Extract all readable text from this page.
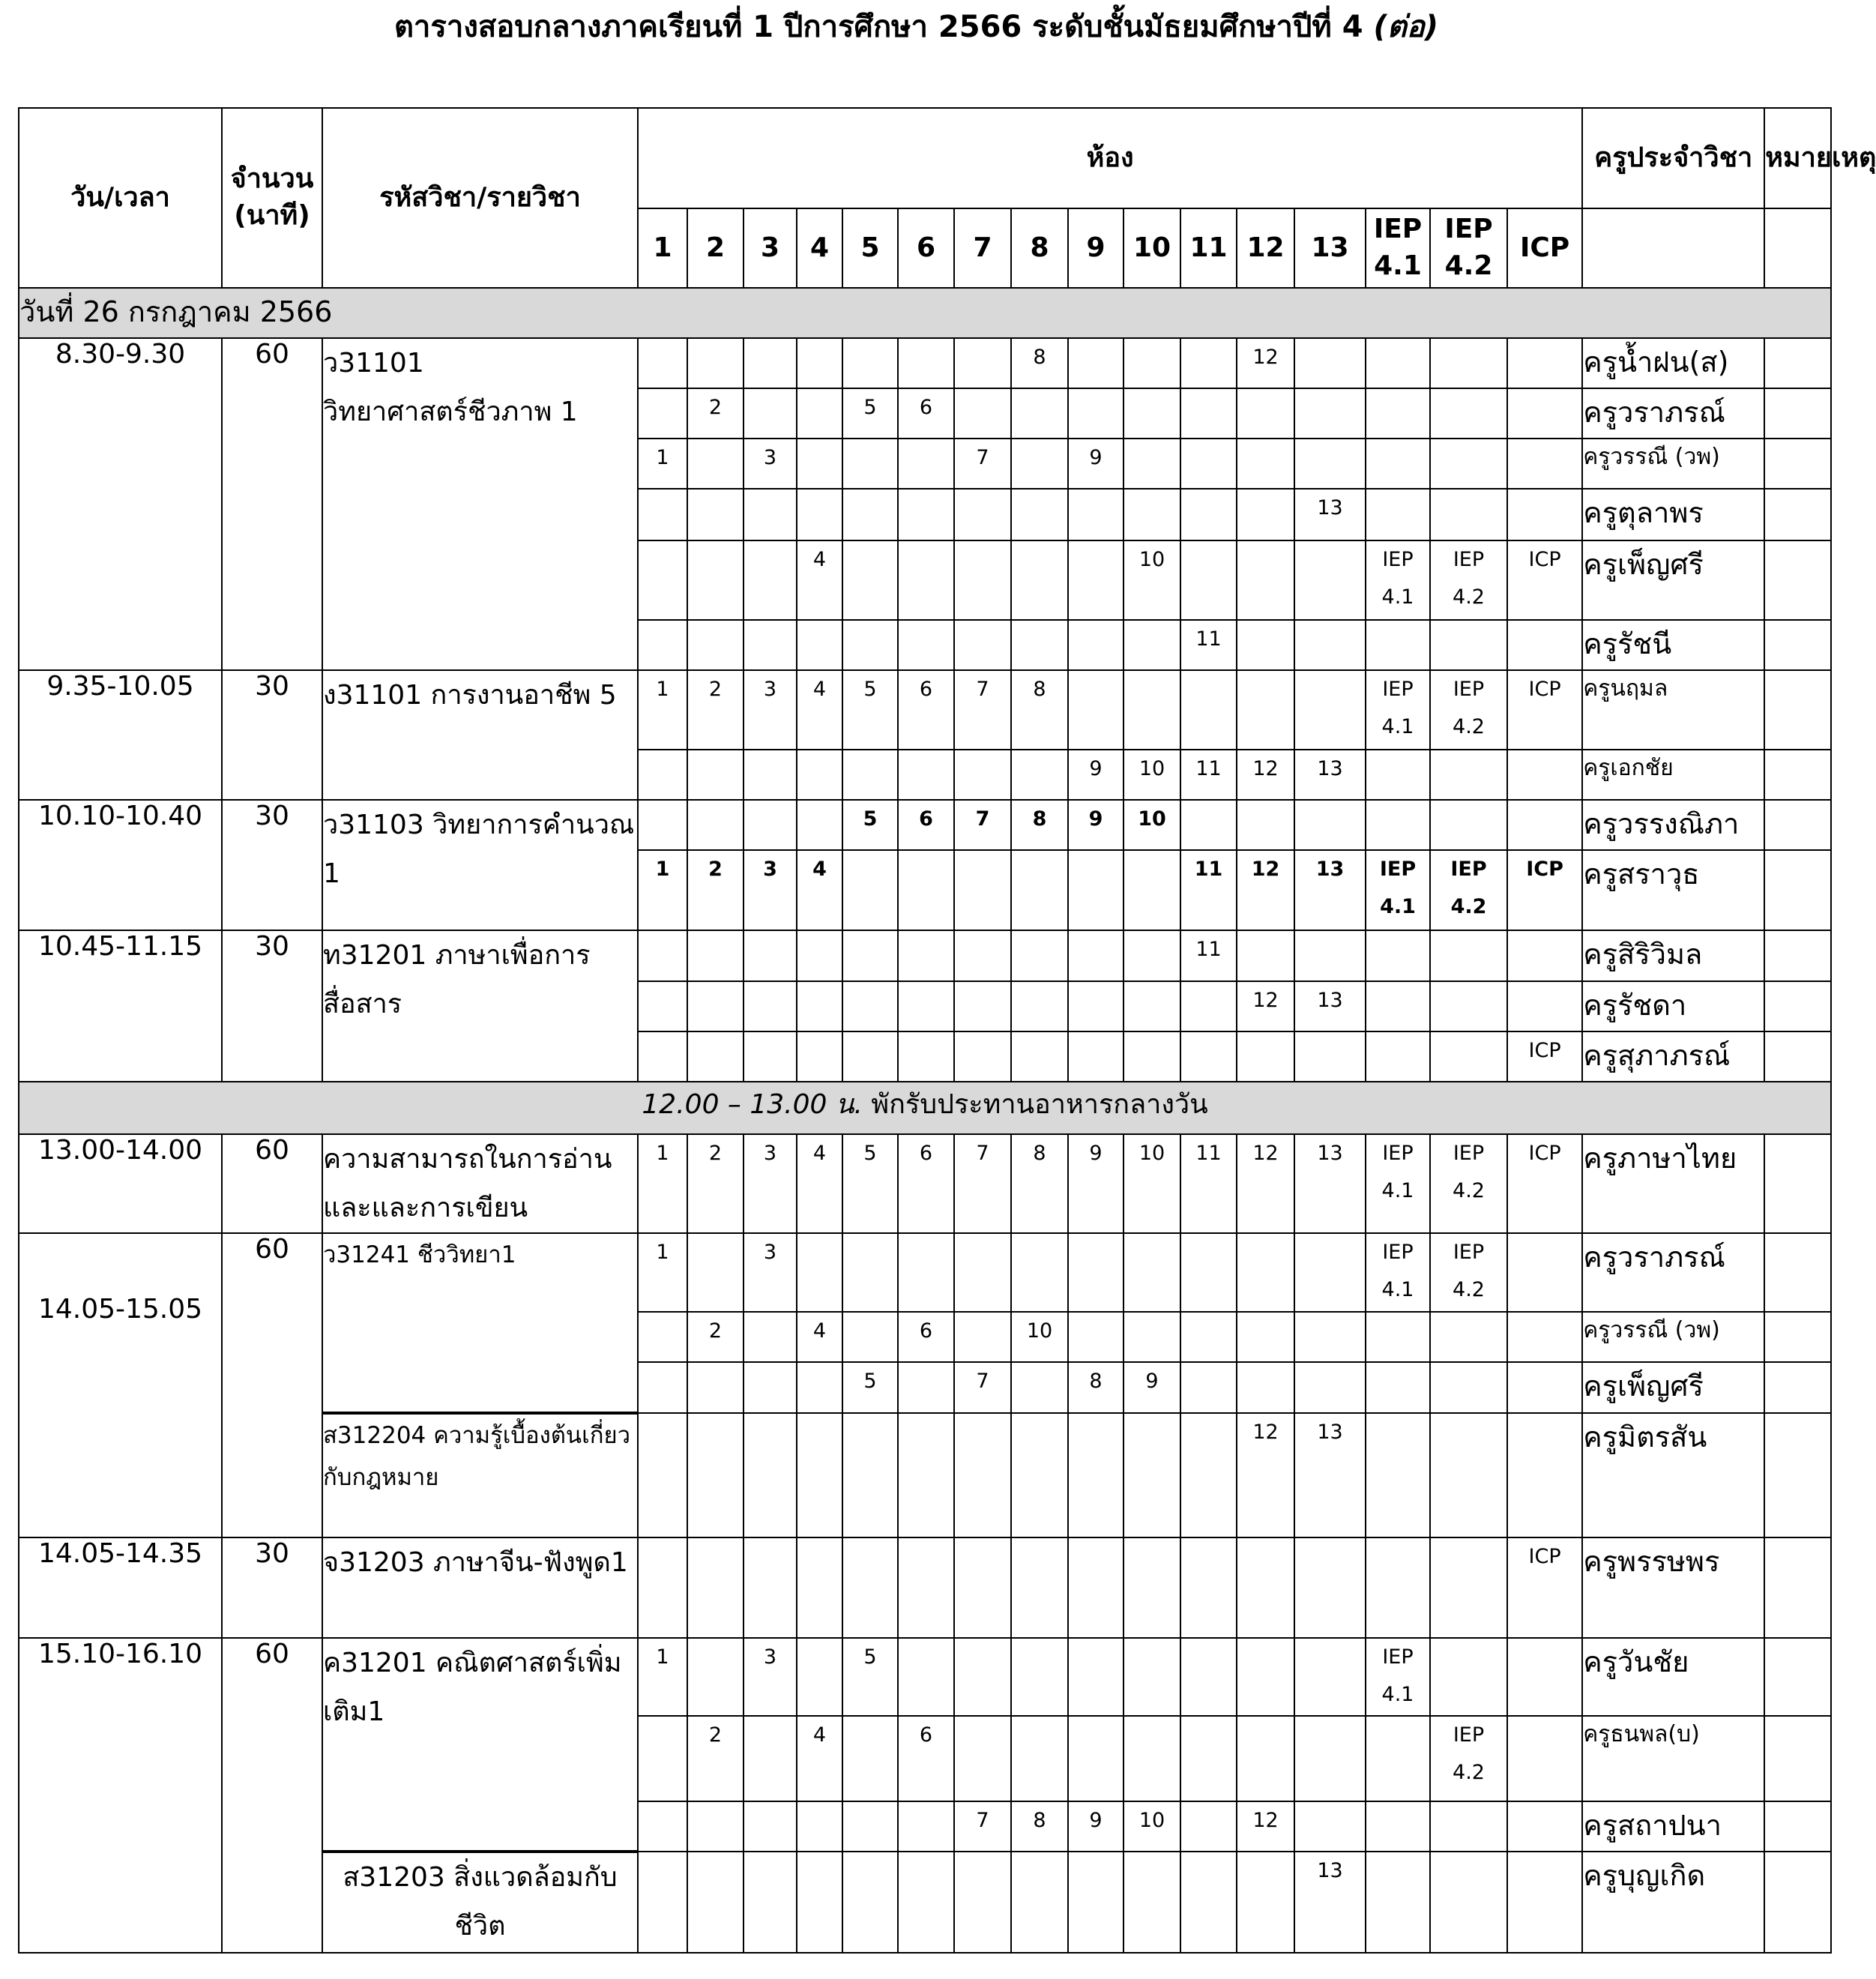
ตารางสอบกลางภาคเรียนที่ 1 ปีการศึกษา 2566 ระดับชั้นมัธยมศึกษาปีที่ 4 (ต่อ)
วัน/เวลา	จำนวน (นาที)	รหัสวิชา/รายวิชา	ห้อง																ครูประจำวิชา	หมายเหตุ
			1	2	3	4	5	6	7	8	9	10	11	12	13	IEP 4.1	IEP 4.2	ICP		
วันที่ 26 กรกฎาคม 2566																				
8.30-9.30	60	ว31101 วิทยาศาสตร์ชีวภาพ 1								8				12					ครูน้ำฝน(ส)	
				2			5	6											ครูวราภรณ์	
			1		3				7		9								ครูวรรณี (วพ)	
															13				ครูตุลาพร	
						4						10				IEP 4.1	IEP 4.2	ICP	ครูเพ็ญศรี	
													11						ครูรัชนี	
9.35-10.05	30	ง31101 การงานอาชีพ 5	1	2	3	4	5	6	7	8						IEP 4.1	IEP 4.2	ICP	ครูนฤมล	
											9	10	11	12	13				ครูเอกชัย	
10.10-10.40	30	ว31103 วิทยาการคำนวณ 1					5	6	7	8	9	10							ครูวรรงณิภา	
			1	2	3	4							11	12	13	IEP 4.1	IEP 4.2	ICP	ครูสราวุธ	
10.45-11.15	30	ท31201 ภาษาเพื่อการสื่อสาร											11						ครูสิริวิมล	
														12	13				ครูรัชดา	
																		ICP	ครูสุภาภรณ์	
12.00 – 13.00 น. พักรับประทานอาหารกลางวัน																				
13.00-14.00	60	ความสามารถในการอ่านและและการเขียน	1	2	3	4	5	6	7	8	9	10	11	12	13	IEP 4.1	IEP 4.2	ICP	ครูภาษาไทย	
14.05-15.05	60	ว31241 ชีววิทยา1	1		3											IEP 4.1	IEP 4.2		ครูวราภรณ์	
				2		4		6		10									ครูวรรณี (วพ)	
							5		7		8	9							ครูเพ็ญศรี	
		ส312204 ความรู้เบื้องต้นเกี่ยวกับกฎหมาย												12	13				ครูมิตรสัน	
14.05-14.35	30	จ31203 ภาษาจีน-ฟังพูด1																ICP	ครูพรรษพร	
15.10-16.10	60	ค31201 คณิตศาสตร์เพิ่มเติม1	1		3		5									IEP 4.1			ครูวันชัย	
				2		4		6									IEP 4.2		ครูธนพล(บ)	
									7	8	9	10		12					ครูสถาปนา	
		ส31203 สิ่งแวดล้อมกับชีวิต													13				ครูบุญเกิด	
